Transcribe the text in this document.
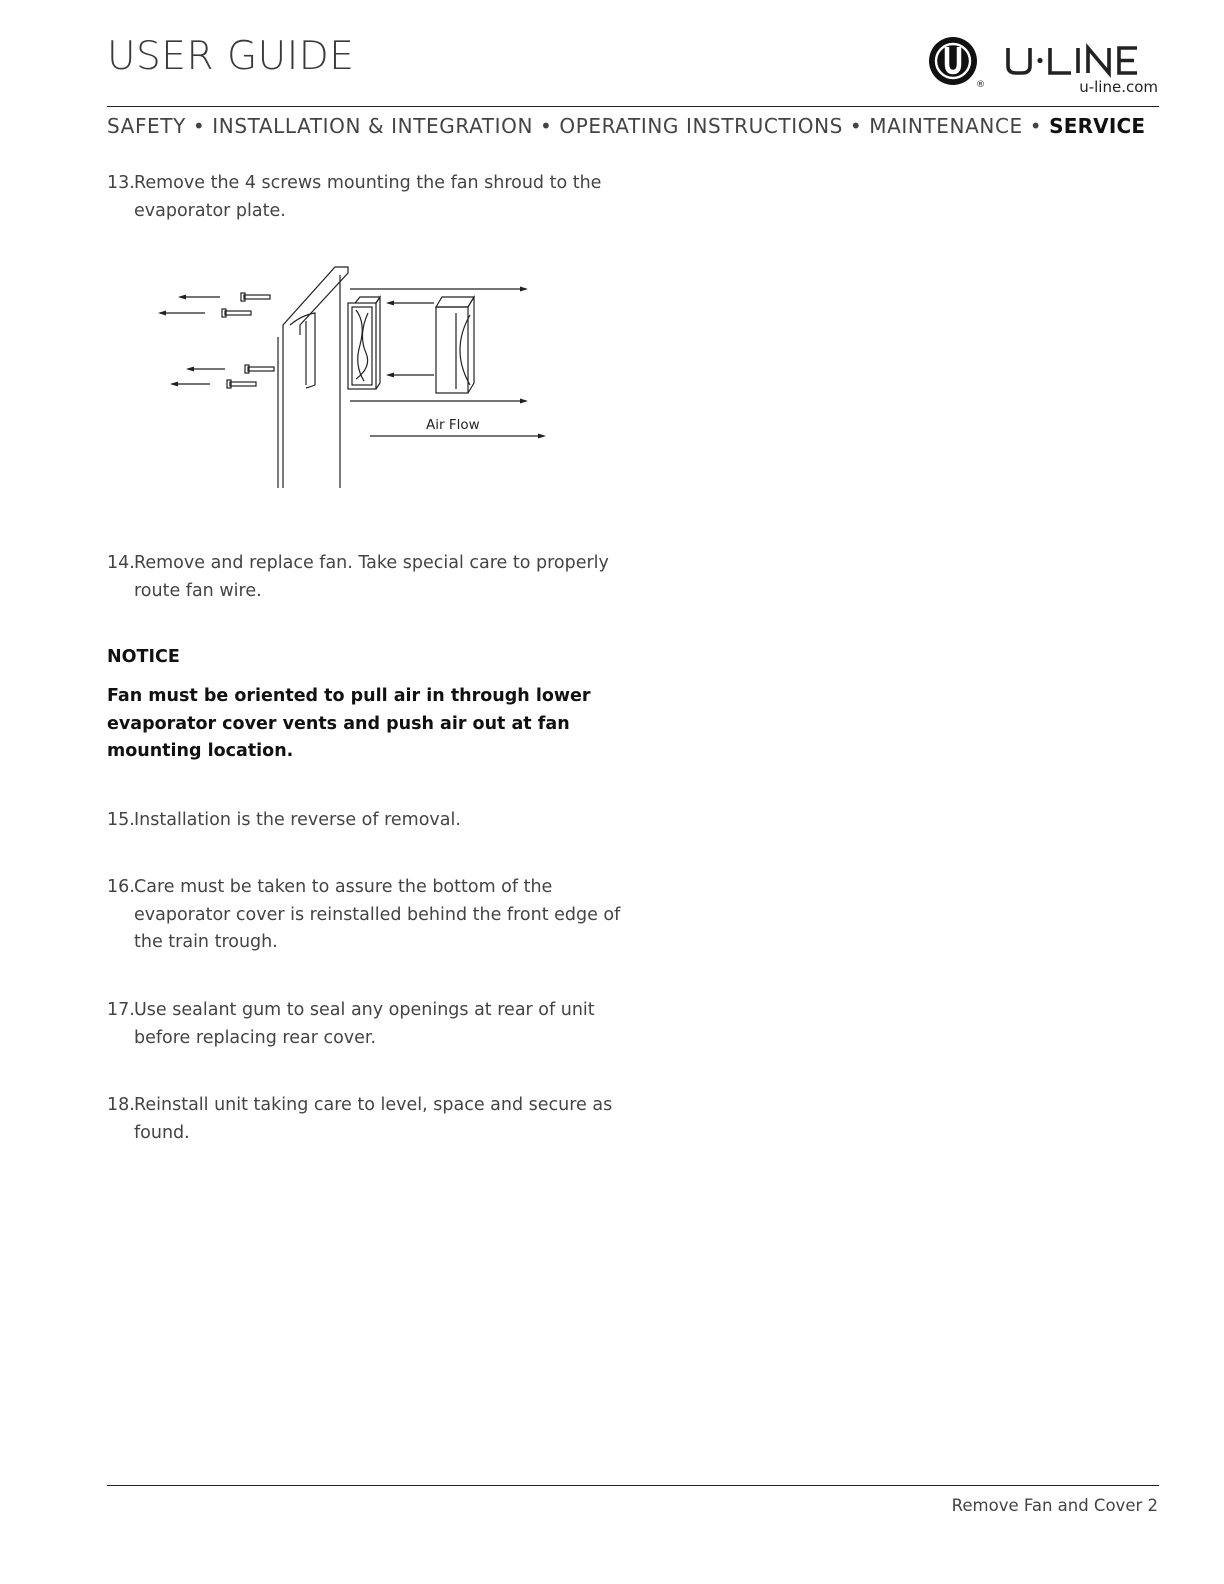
USER GUIDE
®	u-line.com

SAFETY • INSTALLATION & INTEGRATION • OPERATING INSTRUCTIONS • MAINTENANCE • SERVICE

13. Remove the 4 screws mounting the fan shroud to the evaporator plate.
Air Flow
14. Remove and replace fan. Take special care to properly route fan wire.
NOTICE
Fan must be oriented to pull air in through lower evaporator cover vents and push air out at fan mounting location.
15. Installation is the reverse of removal.
16. Care must be taken to assure the bottom of the evaporator cover is reinstalled behind the front edge of the train trough.
17. Use sealant gum to seal any openings at rear of unit before replacing rear cover.
18. Reinstall unit taking care to level, space and secure as found.
Remove Fan and Cover 2
